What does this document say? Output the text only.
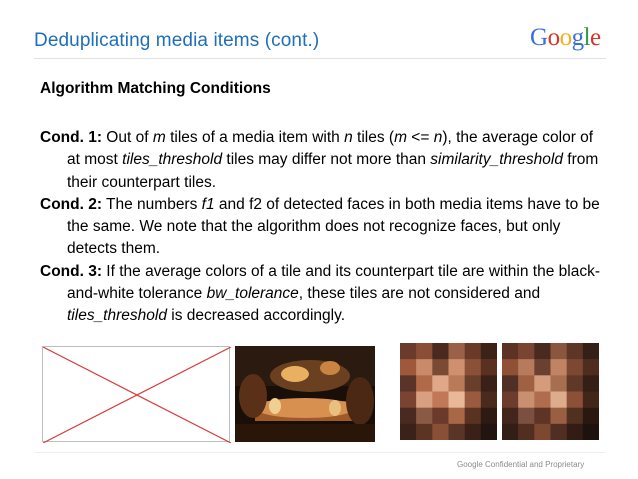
Deduplicating media items (cont.)	Google
Algorithm Matching Conditions
Cond. 1: Out of m tiles of a media item with n tiles (m <= n), the average color of at most tiles_threshold tiles may differ not more than similarity_threshold from their counterpart tiles.
Cond. 2: The numbers f1 and f2 of detected faces in both media items have to be the same. We note that the algorithm does not recognize faces, but only detects them.
Cond. 3: If the average colors of a tile and its counterpart tile are within the black-and-white tolerance bw_tolerance, these tiles are not considered and tiles_threshold is decreased accordingly.
Google Confidential and Proprietary
